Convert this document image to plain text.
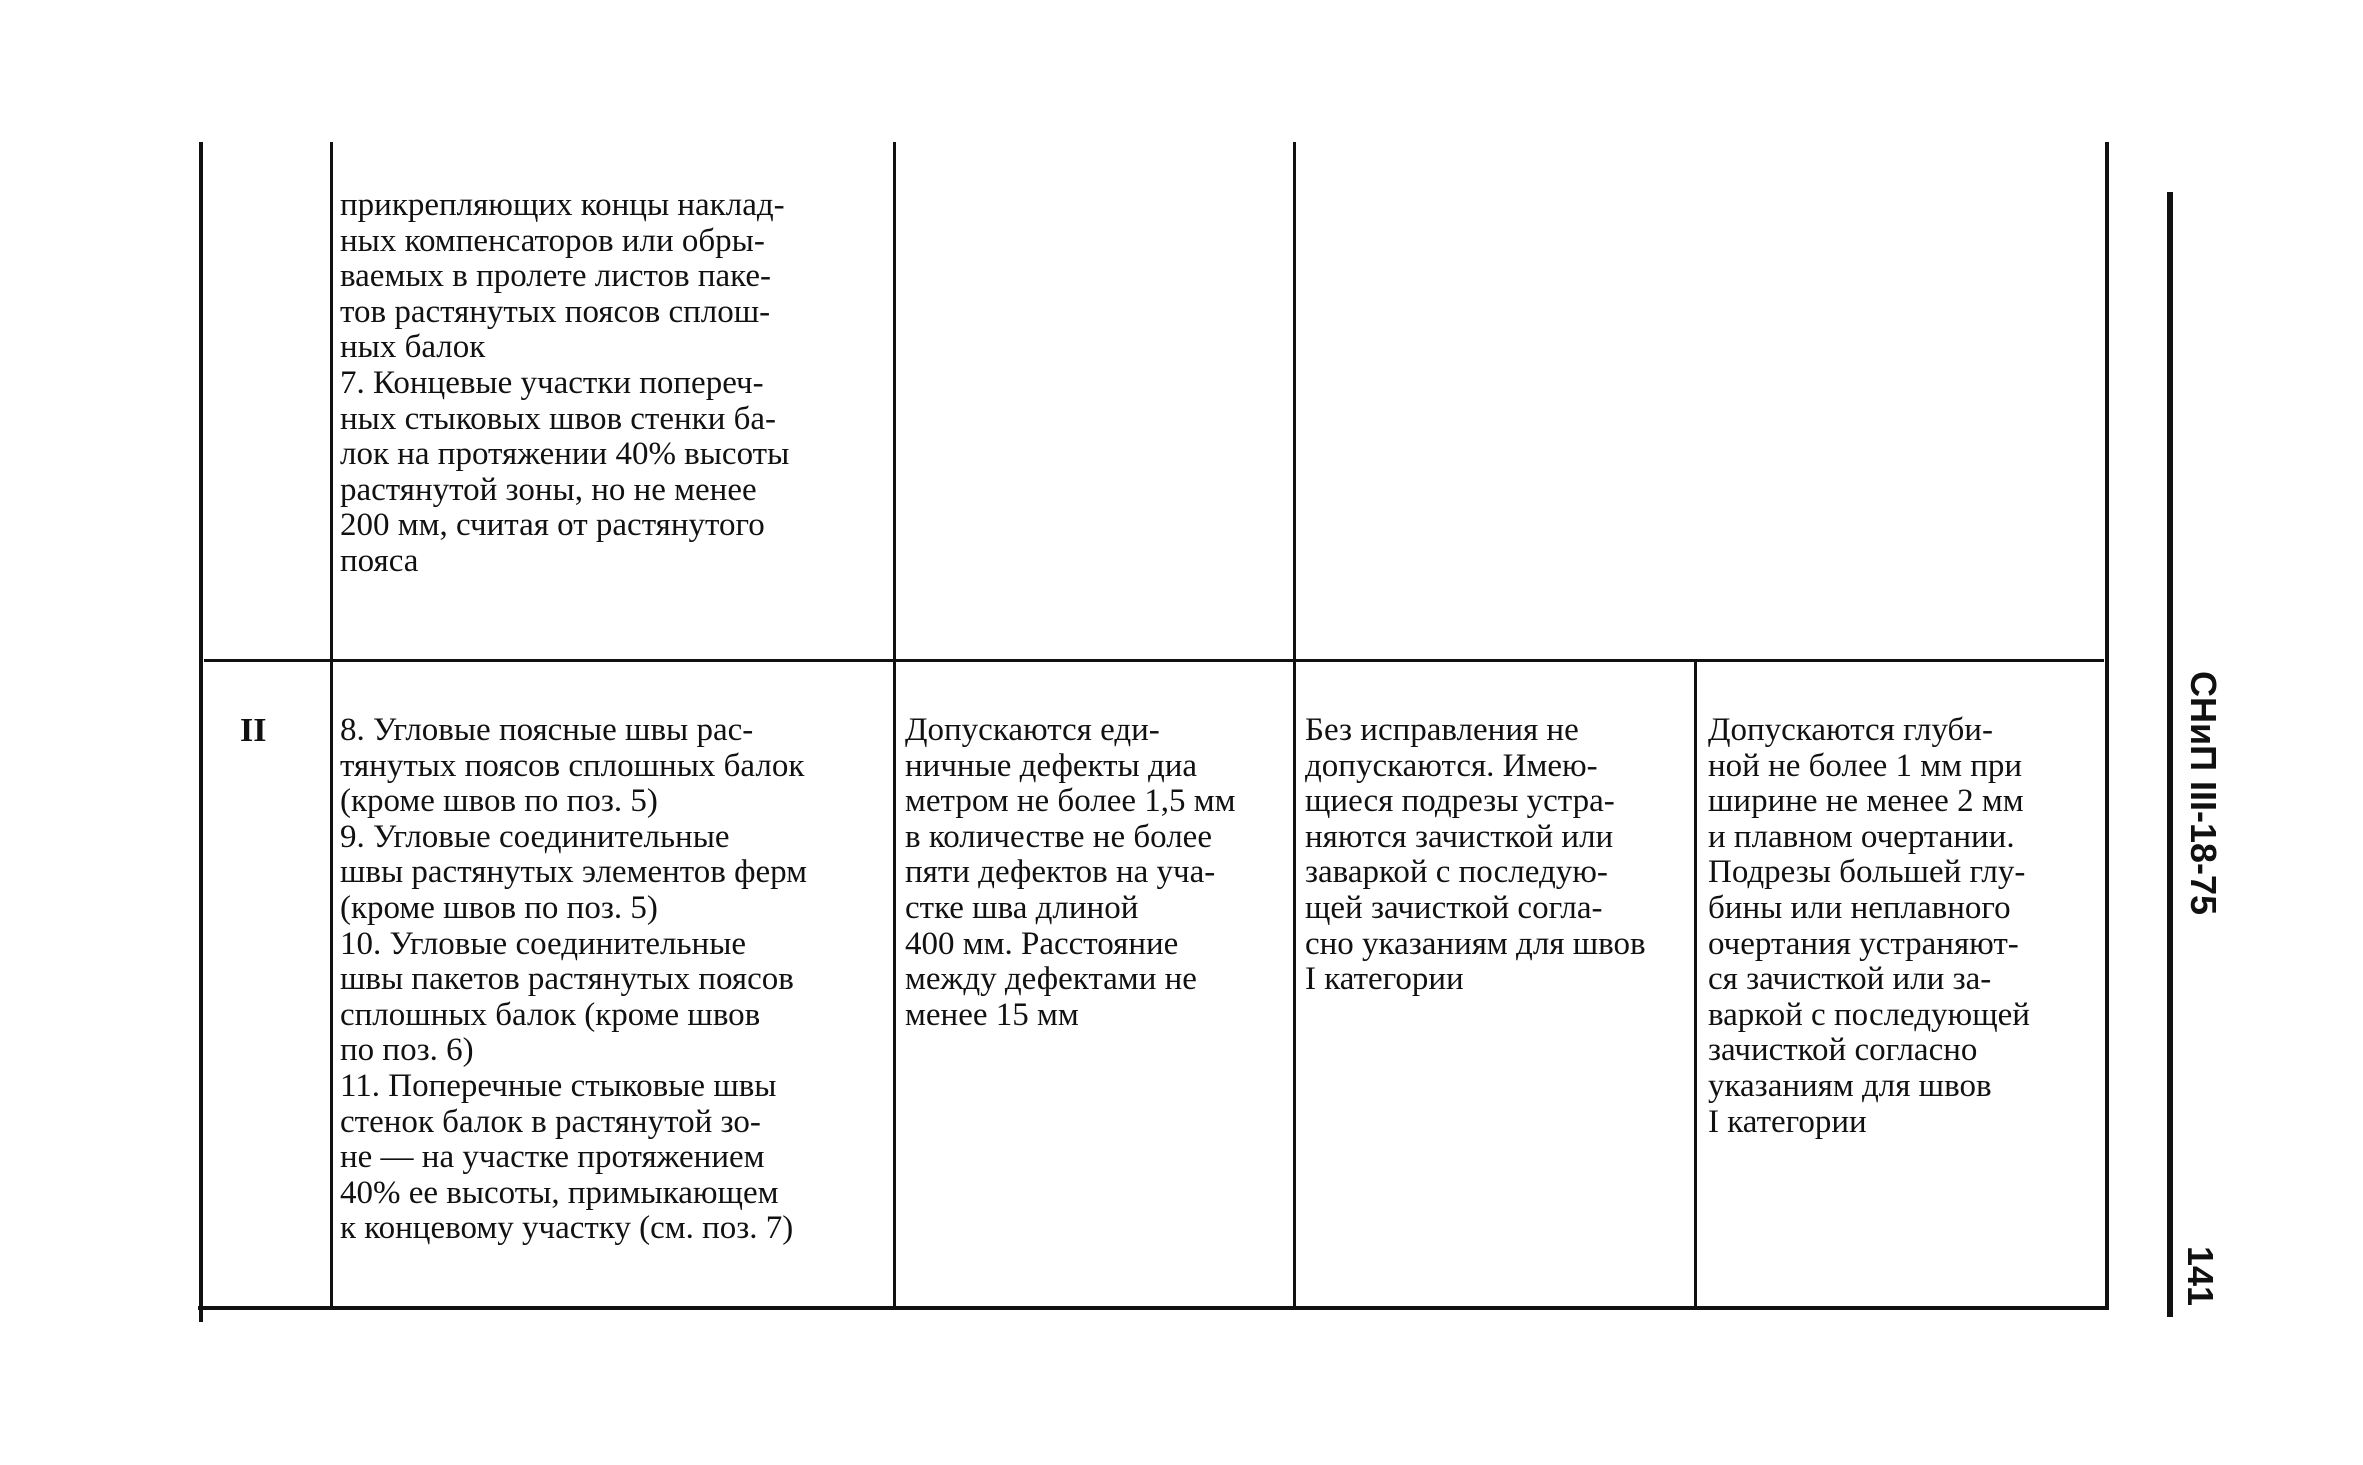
прикрепляющих концы наклад-
ных компенсаторов или обры-
ваемых в пролете листов паке-
тов растянутых поясов сплош-
ных балок
7. Концевые участки попереч-
ных стыковых швов стенки ба-
лок на протяжении 40% высоты
растянутой зоны, но не менее
200 мм, считая от растянутого
пояса

II 8. Угловые поясные швы рас-
тянутых поясов сплошных балок
(кроме швов по поз. 5)
9. Угловые соединительные
швы растянутых элементов ферм
(кроме швов по поз. 5)
10. Угловые соединительные
швы пакетов растянутых поясов
сплошных балок (кроме швов
по поз. 6)
11. Поперечные стыковые швы
стенок балок в растянутой зо-
не — на участке протяжением
40% ее высоты, примыкающем
к концевому участку (см. поз. 7)

Допускаются еди-
ничные дефекты диа
метром не более 1,5 мм
в количестве не более
пяти дефектов на уча-
стке шва длиной
400 мм. Расстояние
между дефектами не
менее 15 мм

Без исправления не
допускаются. Имею-
щиеся подрезы устра-
няются зачисткой или
заваркой с последую-
щей зачисткой согла-
сно указаниям для швов
I категории

Допускаются глуби-
ной не более 1 мм при
ширине не менее 2 мм
и плавном очертании.
Подрезы большей глу-
бины или неплавного
очертания устраняют-
ся зачисткой или за-
варкой с последующей
зачисткой согласно
указаниям для швов
I категории

СНиП III-18-75
141
